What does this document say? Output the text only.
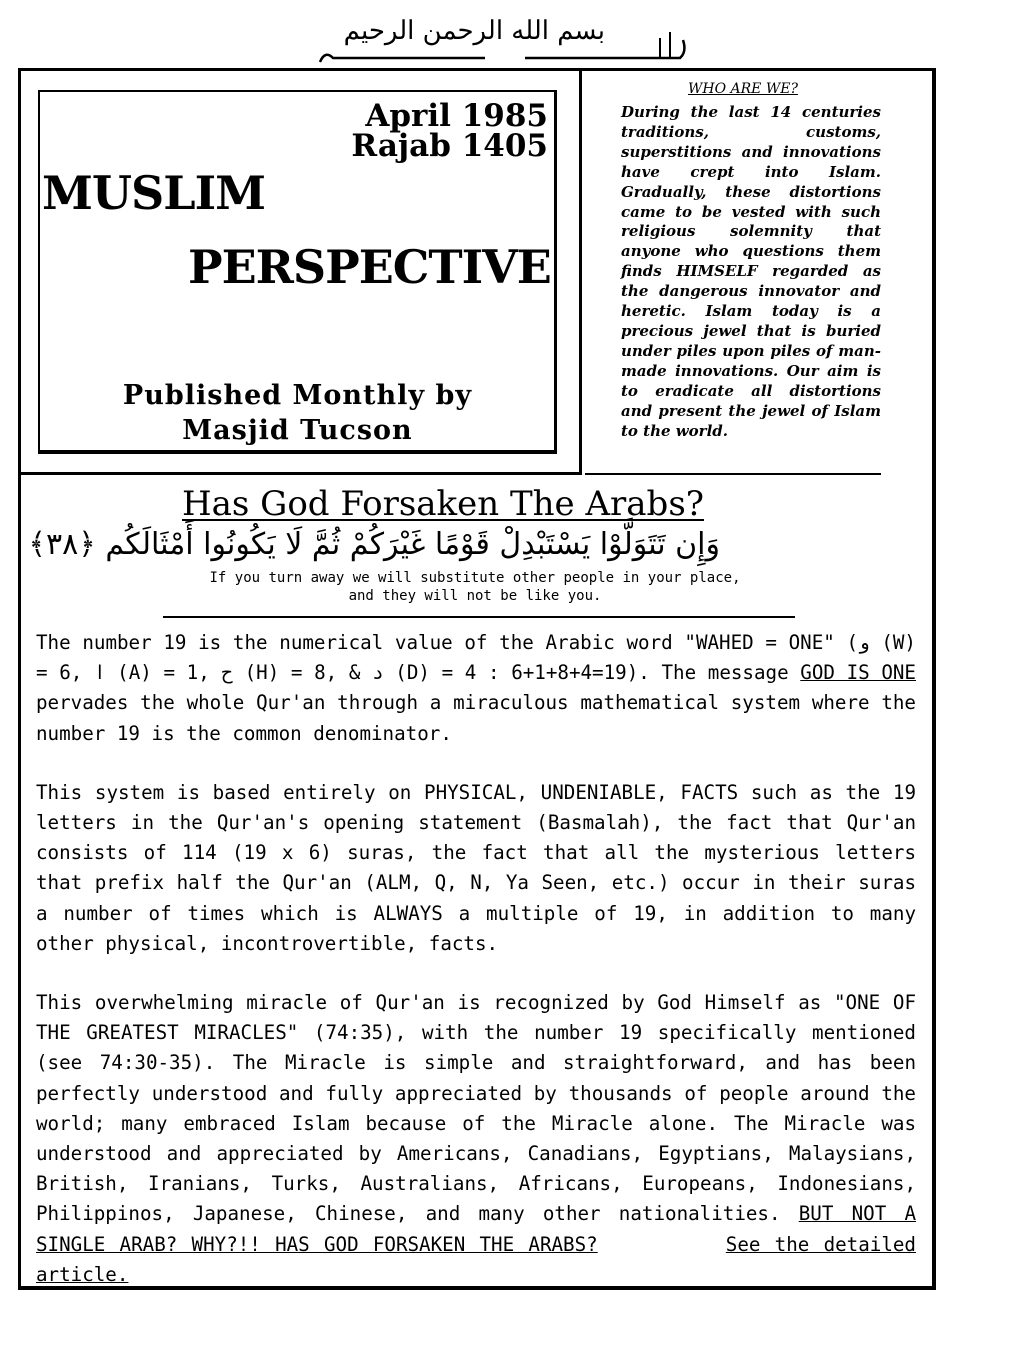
بسم الله الرحمن الرحيم
April 1985
Rajab 1405
MUSLIM
PERSPECTIVE
Published Monthly by
Masjid Tucson
WHO ARE WE?
During the last 14 centuries traditions, customs, superstitions and innovations have crept into Islam. Gradually, these distortions came to be vested with such religious solemnity that anyone who questions them finds HIMSELF regarded as the dangerous innovator and heretic. Islam today is a precious jewel that is buried under piles upon piles of man-made innovations. Our aim is to eradicate all distortions and present the jewel of Islam to the world.
Has God Forsaken The Arabs?
وَإِن تَتَوَلَّوْا يَسْتَبْدِلْ قَوْمًا غَيْرَكُمْ ثُمَّ لَا يَكُونُوا أَمْثَالَكُم ﴿٣٨﴾
If you turn away we will substitute other people in your place,
and they will not be like you.

The number 19 is the numerical value of the Arabic word "WAHED = ONE" (و (W) = 6, ا (A) = 1, ح (H) = 8, & د (D) = 4 : 6+1+8+4=19). The message GOD IS ONE pervades the whole Qur'an through a miraculous mathematical system where the number 19 is the common denominator.

This system is based entirely on PHYSICAL, UNDENIABLE, FACTS such as the 19 letters in the Qur'an's opening statement (Basmalah), the fact that Qur'an consists of 114 (19 x 6) suras, the fact that all the mysterious letters that prefix half the Qur'an (ALM, Q, N, Ya Seen, etc.) occur in their suras a number of times which is ALWAYS a multiple of 19, in addition to many other physical, incontrovertible, facts.

This overwhelming miracle of Qur'an is recognized by God Himself as "ONE OF THE GREATEST MIRACLES" (74:35), with the number 19 specifically mentioned (see 74:30-35). The Miracle is simple and straightforward, and has been perfectly understood and fully appreciated by thousands of people around the world; many embraced Islam because of the Miracle alone. The Miracle was understood and appreciated by Americans, Canadians, Egyptians, Malaysians, British, Iranians, Turks, Australians, Africans, Europeans, Indonesians, Philippinos, Japanese, Chinese, and many other nationalities. BUT NOT A SINGLE ARAB? WHY?!! HAS GOD FORSAKEN THE ARABS?	See the detailed article.
